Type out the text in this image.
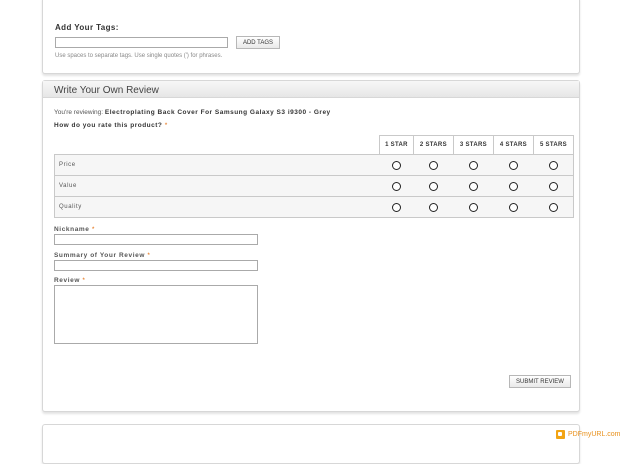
Add Your Tags:
ADD TAGS
Use spaces to separate tags. Use single quotes (') for phrases.
Write Your Own Review
You're reviewing: Electroplating Back Cover For Samsung Galaxy S3 i9300 - Grey
How do you rate this product? *
	1 STAR	2 STARS	3 STARS	4 STARS	5 STARS
Price					
Value					
Quality					
Nickname *
Summary of Your Review *
Review *
SUBMIT REVIEW
PDFmyURL.com
